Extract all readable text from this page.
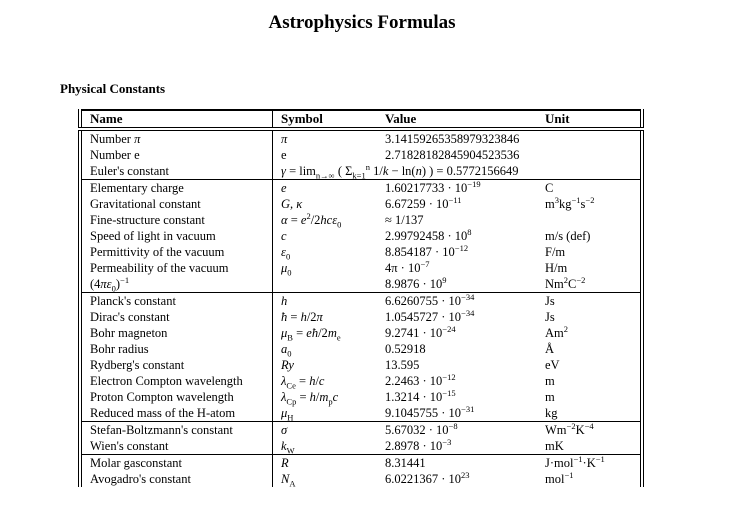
Astrophysics Formulas
Physical Constants
Name	Symbol	Value	Unit
Number π	π	3.14159265358979323846	
Number e	e	2.71828182845904523536	
Euler's constant	$\gamma = \lim_{n\to\infty}$ ( $\Sigma_{k=1}^n$ 1/k − ln(n) ) = 0.5772156649		
Elementary charge	e	$1.60217733 \cdot 10^{-19}$	C
Gravitational constant	G, κ	$6.67259 \cdot 10^{-11}$	$m^3kg^{-1}s^{-2}$
Fine-structure constant	$\alpha = e^2/2hc\varepsilon_0$	≈ 1/137	
Speed of light in vacuum	c	$2.99792458 \cdot 10^8$	m/s (def)
Permittivity of the vacuum	$\varepsilon_0$	$8.854187 \cdot 10^{-12}$	F/m
Permeability of the vacuum	$\mu_0$	$4\pi \cdot 10^{-7}$	H/m
$(4\pi\varepsilon_0)^{-1}$		$8.9876 \cdot 10^9$	$Nm^2C^{-2}$
Planck's constant	h	$6.6260755 \cdot 10^{-34}$	Js
Dirac's constant	ħ = h/2π	$1.0545727 \cdot 10^{-34}$	Js
Bohr magneton	$\mu_B$ = $eħ/2m_e$	$9.2741 \cdot 10^{-24}$	Am$^2$
Bohr radius	$a_0$	0.52918	Å
Rydberg's constant	Ry	13.595	eV
Electron Compton wavelength	$\lambda_{Ce} = h/c$	$2.2463 \cdot 10^{-12}$	m
Proton Compton wavelength	$\lambda_{Cp} = h/m_pc$	$1.3214 \cdot 10^{-15}$	m
Reduced mass of the H-atom	$\mu_H$	$9.1045755 \cdot 10^{-31}$	kg
Stefan-Boltzmann's constant	σ	$5.67032 \cdot 10^{-8}$	$Wm^{-2}K^{-4}$
Wien's constant	$k_W$	$2.8978 \cdot 10^{-3}$	mK
Molar gasconstant	R	8.31441	$J\cdot mol^{-1}\cdot K^{-1}$
Avogadro's constant	$N_A$	$6.0221367 \cdot 10^{23}$	mol$^{-1}$
